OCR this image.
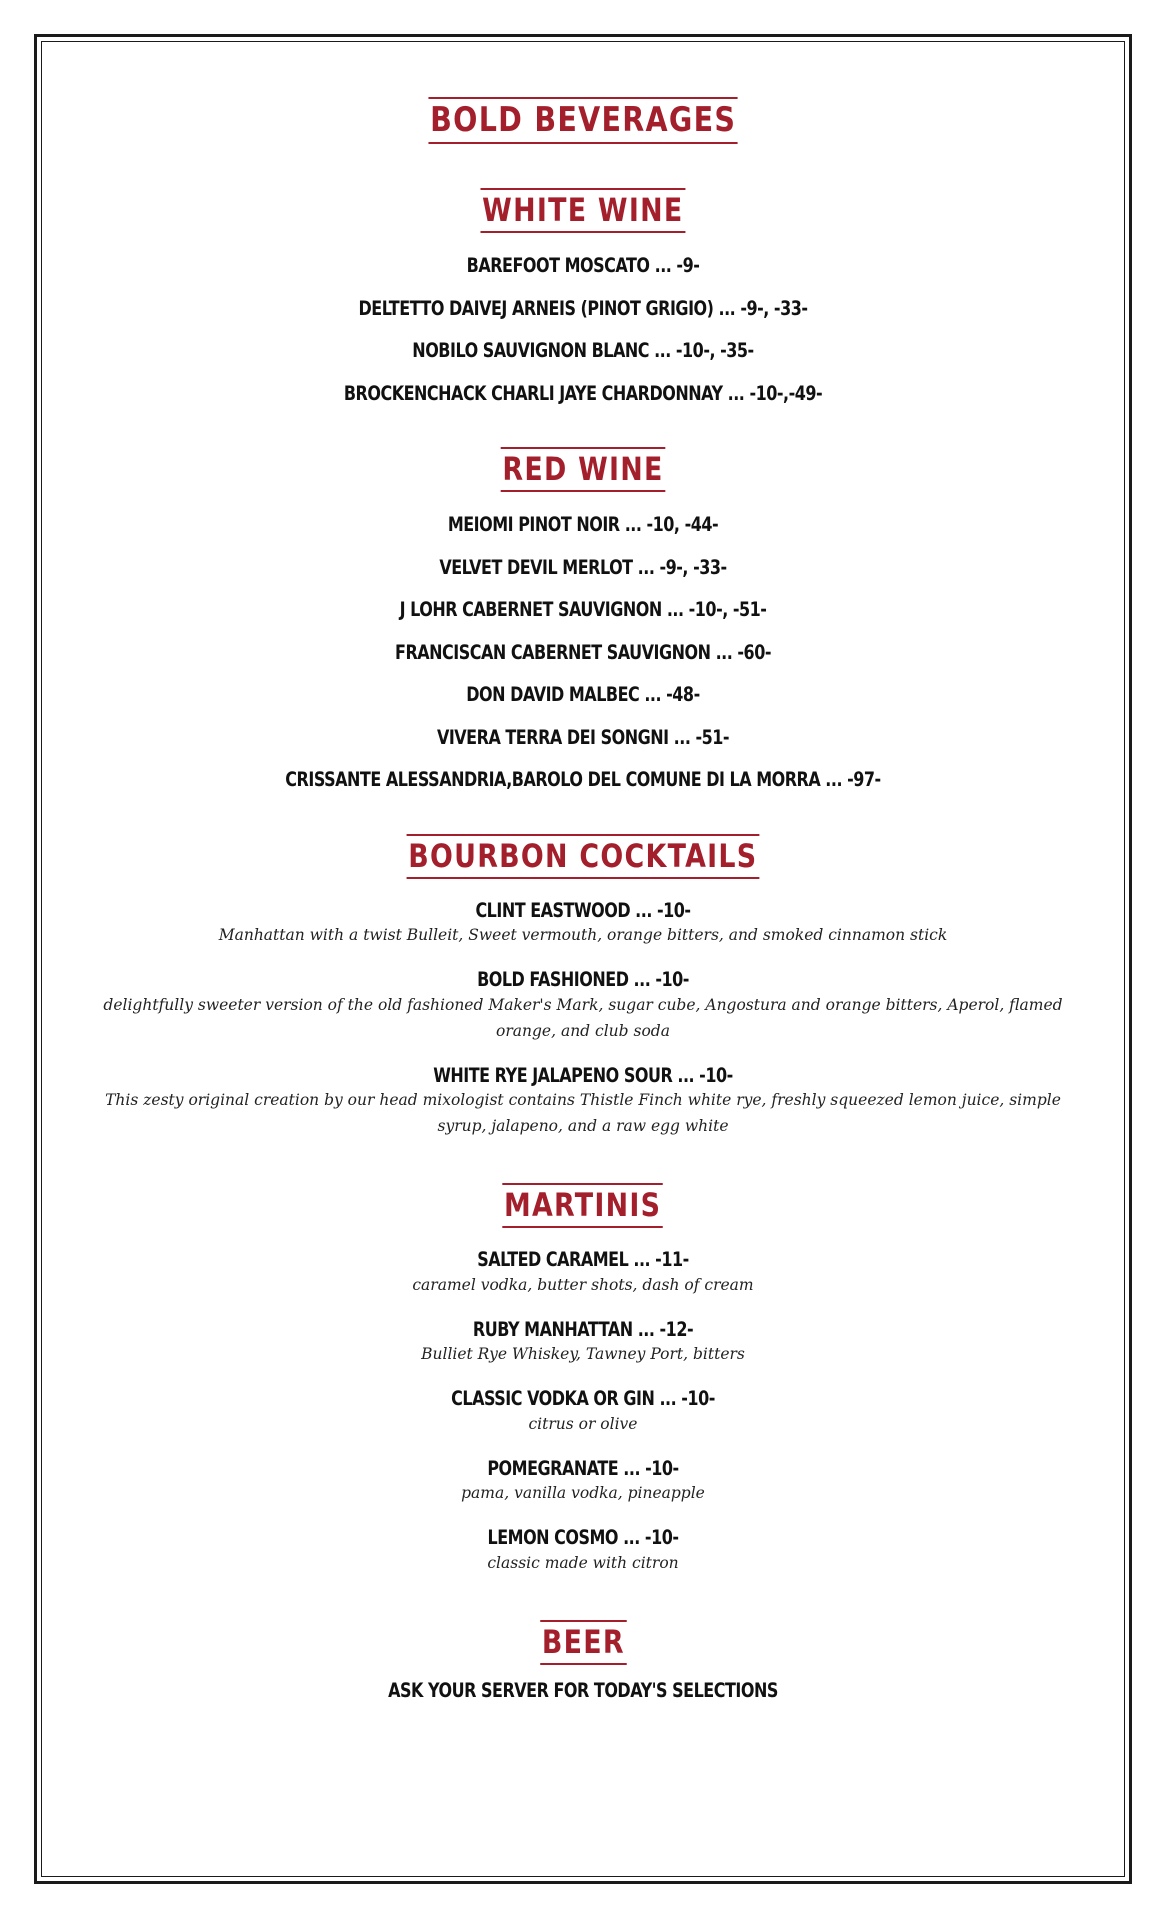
BOLD BEVERAGES
WHITE WINE
BAREFOOT MOSCATO ... -9-
DELTETTO DAIVEJ ARNEIS (PINOT GRIGIO) ... -9-, -33-
NOBILO SAUVIGNON BLANC ... -10-, -35-
BROCKENCHACK CHARLI JAYE CHARDONNAY ... -10-,-49-
RED WINE
MEIOMI PINOT NOIR ... -10, -44-
VELVET DEVIL MERLOT ... -9-, -33-
J LOHR CABERNET SAUVIGNON ... -10-, -51-
FRANCISCAN CABERNET SAUVIGNON ... -60-
DON DAVID MALBEC ... -48-
VIVERA TERRA DEI SONGNI ... -51-
CRISSANTE ALESSANDRIA,BAROLO DEL COMUNE DI LA MORRA ... -97-
BOURBON COCKTAILS
CLINT EASTWOOD ... -10-
Manhattan with a twist Bulleit, Sweet vermouth, orange bitters, and smoked cinnamon stick
BOLD FASHIONED ... -10-
delightfully sweeter version of the old fashioned Maker's Mark, sugar cube, Angostura and orange bitters, Aperol, flamed orange, and club soda
WHITE RYE JALAPENO SOUR ... -10-
This zesty original creation by our head mixologist contains Thistle Finch white rye, freshly squeezed lemon juice, simple syrup, jalapeno, and a raw egg white
MARTINIS
SALTED CARAMEL ... -11-
caramel vodka, butter shots, dash of cream
RUBY MANHATTAN ... -12-
Bulliet Rye Whiskey, Tawney Port, bitters
CLASSIC VODKA OR GIN ... -10-
citrus or olive
POMEGRANATE ... -10-
pama, vanilla vodka, pineapple
LEMON COSMO ... -10-
classic made with citron
BEER
ASK YOUR SERVER FOR TODAY'S SELECTIONS
